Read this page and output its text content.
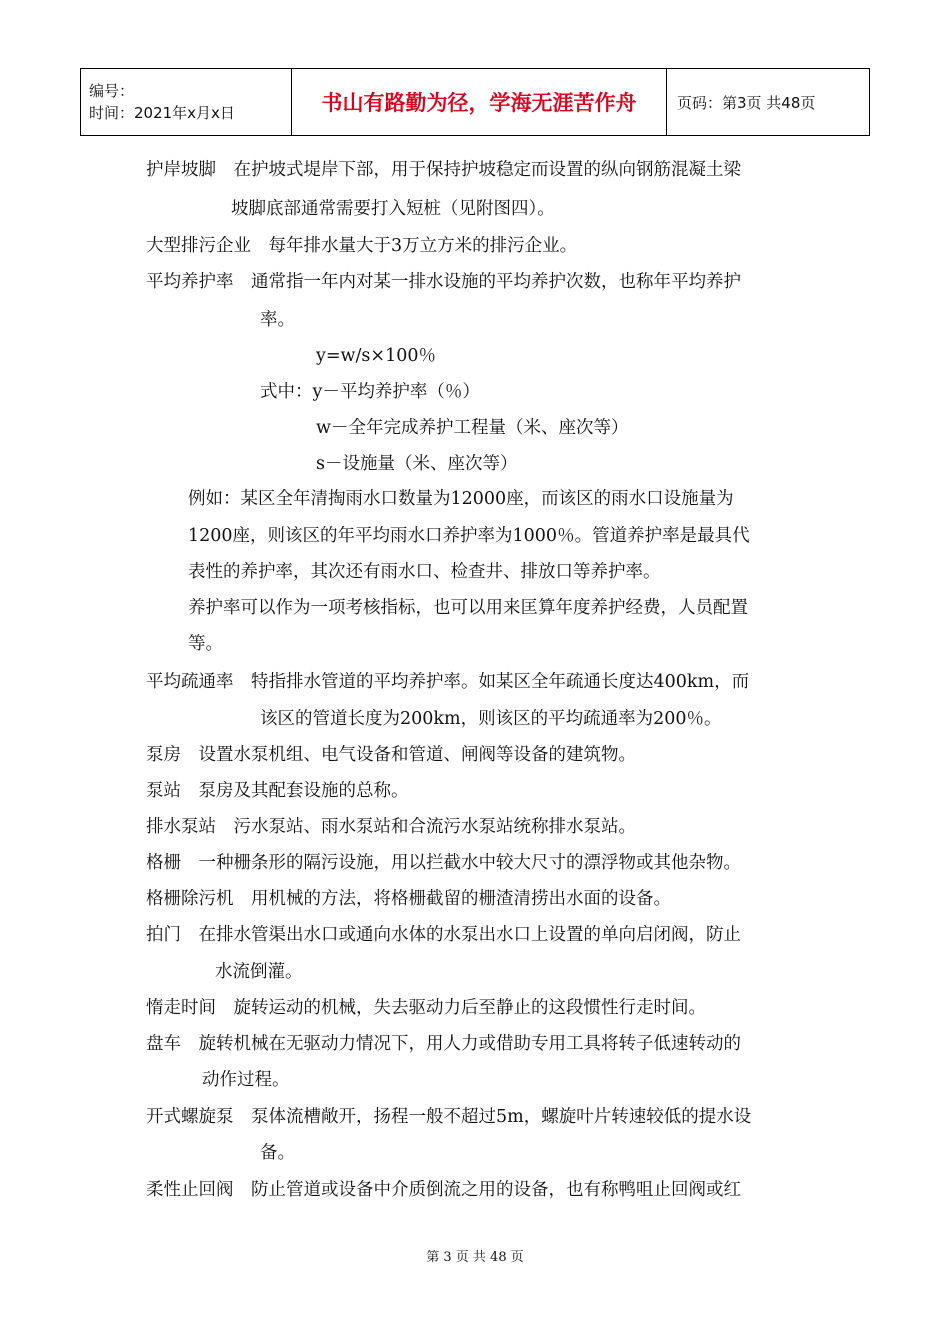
编号：
时间：2021年x月x日	书山有路勤为径，学海无涯苦作舟	页码：第3页 共48页
护岸坡脚　在护坡式堤岸下部，用于保持护坡稳定而设置的纵向钢筋混凝土梁
坡脚底部通常需要打入短桩（见附图四）。
大型排污企业　每年排水量大于3万立方米的排污企业。
平均养护率　通常指一年内对某一排水设施的平均养护次数，也称年平均养护
率。
y=w/s×100％
式中：y－平均养护率（％）
w－全年完成养护工程量（米、座次等）
s－设施量（米、座次等）
例如：某区全年清掏雨水口数量为12000座，而该区的雨水口设施量为
1200座，则该区的年平均雨水口养护率为1000％。管道养护率是最具代
表性的养护率，其次还有雨水口、检查井、排放口等养护率。
养护率可以作为一项考核指标，也可以用来匡算年度养护经费，人员配置
等。
平均疏通率　特指排水管道的平均养护率。如某区全年疏通长度达400km，而
该区的管道长度为200km，则该区的平均疏通率为200％。
泵房　设置水泵机组、电气设备和管道、闸阀等设备的建筑物。
泵站　泵房及其配套设施的总称。
排水泵站　污水泵站、雨水泵站和合流污水泵站统称排水泵站。
格栅　一种栅条形的隔污设施，用以拦截水中较大尺寸的漂浮物或其他杂物。
格栅除污机　用机械的方法，将格栅截留的栅渣清捞出水面的设备。
拍门　在排水管渠出水口或通向水体的水泵出水口上设置的单向启闭阀，防止
水流倒灌。
惰走时间　旋转运动的机械，失去驱动力后至静止的这段惯性行走时间。
盘车　旋转机械在无驱动力情况下，用人力或借助专用工具将转子低速转动的
动作过程。
开式螺旋泵　泵体流槽敞开，扬程一般不超过5m，螺旋叶片转速较低的提水设
备。
柔性止回阀　防止管道或设备中介质倒流之用的设备，也有称鸭咀止回阀或红
第 3 页 共 48 页
